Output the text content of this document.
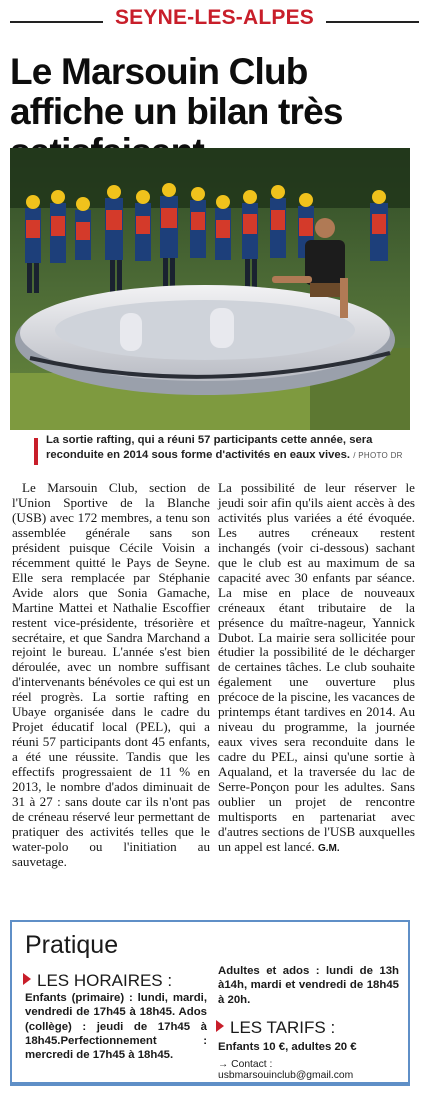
SEYNE-LES-ALPES
Le Marsouin Club affiche un bilan très
La sortie rafting, qui a réuni 57 participants cette année, sera reconduite en 2014 sous forme d'activités en eaux vives. / PHOTO DR

Le Marsouin Club, section de l'Union Sportive de la Blanche (USB) avec 172 membres, a tenu son assemblée générale sans son président puisque Cécile Voisin a récemment quitté le Pays de Seyne. Elle sera remplacée par Stéphanie Avide alors que Sonia Gamache, Martine Mattei et Nathalie Escoffier restent vice-présidente, trésorière et secrétaire, et que Sandra Marchand a rejoint le bureau. L'année s'est bien déroulée, avec un nombre suffisant d'intervenants bénévoles ce qui est un réel progrès. La sortie rafting en Ubaye organisée dans le cadre du Projet éducatif local (PEL), qui a réuni 57 participants dont 45 enfants, a été une réussite. Tandis que les effectifs progressaient de 11 % en 2013, le nombre d'ados diminuait de 31 à 27 : sans doute car ils n'ont pas de créneau réservé leur permettant de pratiquer des activités telles que le water-polo ou l'initiation au sauvetage.

La possibilité de leur réserver le jeudi soir afin qu'ils aient accès à des activités plus variées a été évoquée. Les autres créneaux restent inchangés (voir ci-dessous) sachant que le club est au maximum de sa capacité avec 30 enfants par séance. La mise en place de nouveaux créneaux étant tributaire de la présence du maître-nageur, Yannick Dubot. La mairie sera sollicitée pour étudier la possibilité de le décharger de certaines tâches. Le club souhaite également une ouverture plus précoce de la piscine, les vacances de printemps étant tardives en 2014. Au niveau du programme, la journée eaux vives sera reconduite dans le cadre du PEL, ainsi qu'une sortie à Aqualand, et la traversée du lac de Serre-Ponçon pour les adultes. Sans oublier un projet de rencontre multisports en partenariat avec d'autres sections de l'USB auxquelles un appel est lancé. G.M.

Pratique
LES HORAIRES :
Enfants (primaire) : lundi, mardi, vendredi de 17h45 à 18h45. Ados (collège) : jeudi de 17h45 à 18h45.Perfectionnement : mercredi de 17h45 à 18h45.
Adultes et ados : lundi de 13h à14h, mardi et vendredi de 18h45 à 20h.
LES TARIFS :
Enfants 10 €, adultes 20 €
→ Contact : usbmarsouinclub@gmail.com
